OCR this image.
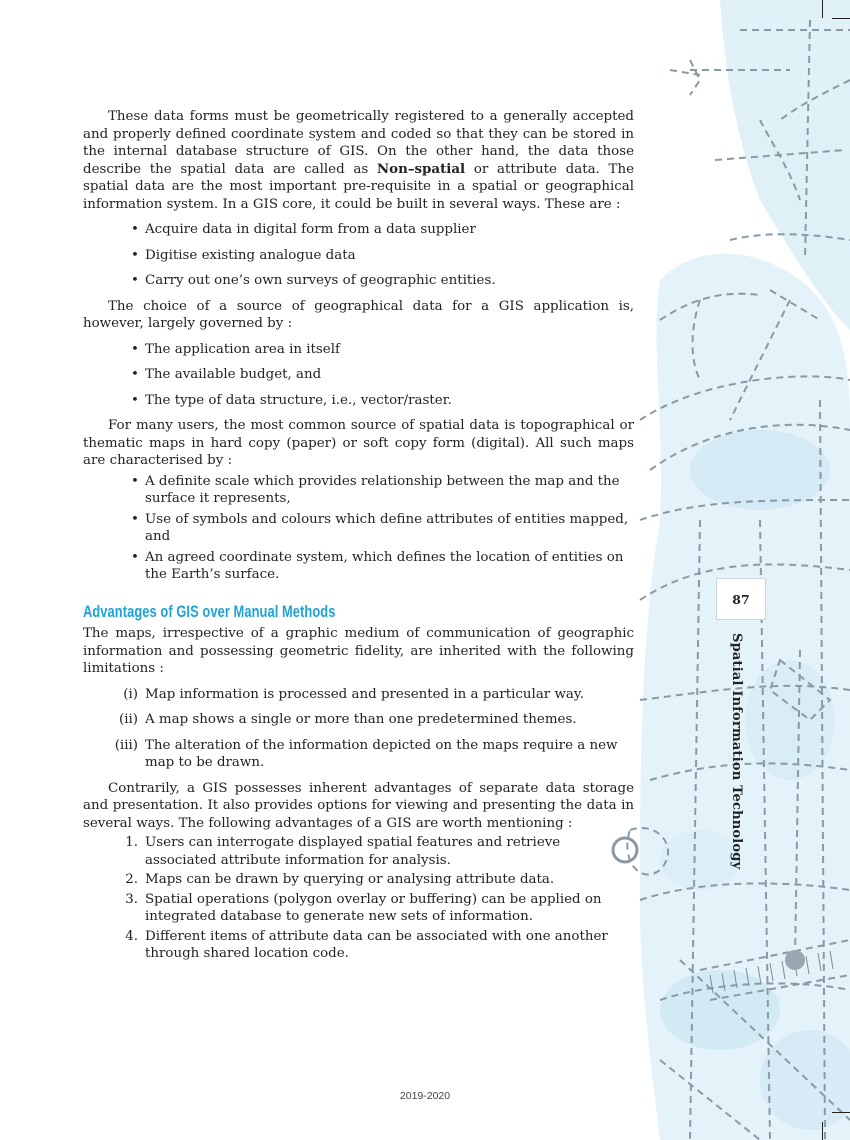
These data forms must be geometrically registered to a generally accepted and properly defined coordinate system and coded so that they can be stored in the internal database structure of GIS. On the other hand, the data those describe the spatial data are called as Non–spatial or attribute data. The spatial data are the most important pre-requisite in a spatial or geographical information system. In a GIS core, it could be built in several ways. These are :

• Acquire data in digital form from a data supplier
• Digitise existing analogue data
• Carry out one’s own surveys of geographic entities.

The choice of a source of geographical data for a GIS application is, however, largely governed by :

• The application area in itself
• The available budget, and
• The type of data structure, i.e., vector/raster.

For many users, the most common source of spatial data is topographical or thematic maps in hard copy (paper) or soft copy form (digital). All such maps are characterised by :

• A definite scale which provides relationship between the map and the surface it represents,
• Use of symbols and colours which define attributes of entities mapped, and
• An agreed coordinate system, which defines the location of entities on the Earth’s surface.
Advantages of GIS over Manual Methods

The maps, irrespective of a graphic medium of communication of geographic information and possessing geometric fidelity, are inherited with the following limitations :

(i) Map information is processed and presented in a particular way.
(ii) A map shows a single or more than one predetermined themes.
(iii) The alteration of the information depicted on the maps require a new map to be drawn.

Contrarily, a GIS possesses inherent advantages of separate data storage and presentation. It also provides options for viewing and presenting the data in several ways. The following advantages of a GIS are worth mentioning :

1. Users can interrogate displayed spatial features and retrieve associated attribute information for analysis.
2. Maps can be drawn by querying or analysing attribute data.
3. Spatial operations (polygon overlay or buffering) can be applied on integrated database to generate new sets of information.
4. Different items of attribute data can be associated with one another through shared location code.
87
Spatial Information Technology
2019-2020
